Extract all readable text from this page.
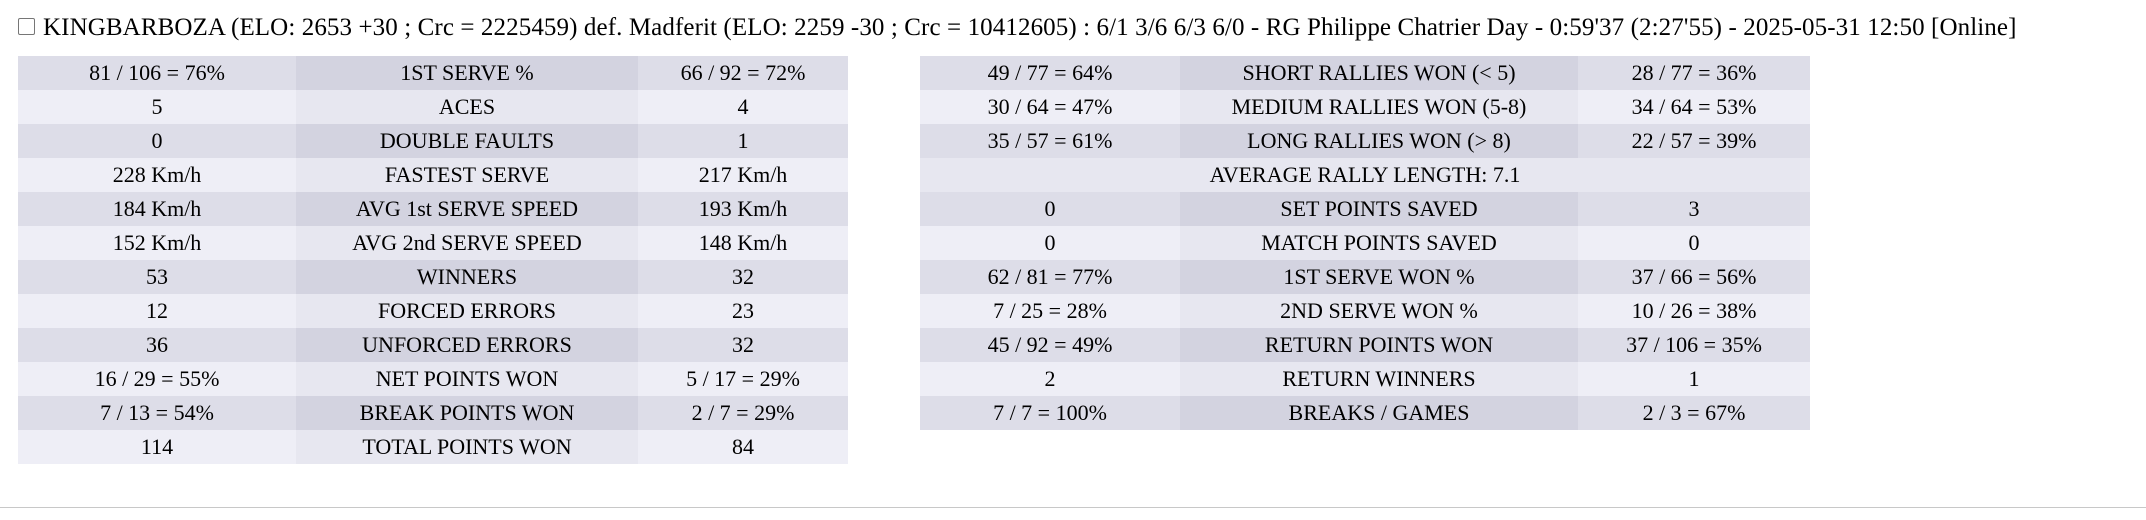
KINGBARBOZA (ELO: 2653 +30 ; Crc = 2225459) def. Madferit (ELO: 2259 -30 ; Crc = 10412605) : 6/1 3/6 6/3 6/0 - RG Philippe Chatrier Day - 0:59'37 (2:27'55) - 2025-05-31 12:50 [Online]
81 / 106 = 76%	1ST SERVE %	66 / 92 = 72%
5	ACES	4
0	DOUBLE FAULTS	1
228 Km/h	FASTEST SERVE	217 Km/h
184 Km/h	AVG 1st SERVE SPEED	193 Km/h
152 Km/h	AVG 2nd SERVE SPEED	148 Km/h
53	WINNERS	32
12	FORCED ERRORS	23
36	UNFORCED ERRORS	32
16 / 29 = 55%	NET POINTS WON	5 / 17 = 29%
7 / 13 = 54%	BREAK POINTS WON	2 / 7 = 29%
114	TOTAL POINTS WON	84
49 / 77 = 64%	SHORT RALLIES WON (< 5)	28 / 77 = 36%
30 / 64 = 47%	MEDIUM RALLIES WON (5-8)	34 / 64 = 53%
35 / 57 = 61%	LONG RALLIES WON (> 8)	22 / 57 = 39%
AVERAGE RALLY LENGTH: 7.1		
0	SET POINTS SAVED	3
0	MATCH POINTS SAVED	0
62 / 81 = 77%	1ST SERVE WON %	37 / 66 = 56%
7 / 25 = 28%	2ND SERVE WON %	10 / 26 = 38%
45 / 92 = 49%	RETURN POINTS WON	37 / 106 = 35%
2	RETURN WINNERS	1
7 / 7 = 100%	BREAKS / GAMES	2 / 3 = 67%
